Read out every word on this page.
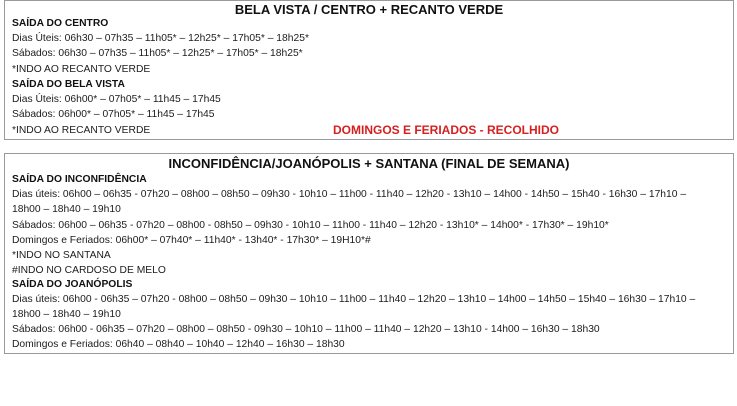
BELA VISTA / CENTRO + RECANTO VERDE
SAÍDA DO CENTRO
Dias Úteis: 06h30 – 07h35 – 11h05* – 12h25* – 17h05* – 18h25*
Sábados: 06h30 – 07h35 – 11h05* – 12h25* – 17h05* – 18h25*
*INDO AO RECANTO VERDE
SAÍDA DO BELA VISTA
Dias Úteis: 06h00* – 07h05* – 11h45 – 17h45
Sábados: 06h00* – 07h05* – 11h45 – 17h45
*INDO AO RECANTO VERDE	DOMINGOS E FERIADOS - RECOLHIDO
INCONFIDÊNCIA/JOANÓPOLIS + SANTANA (FINAL DE SEMANA)
SAÍDA DO INCONFIDÊNCIA
Dias úteis: 06h00 – 06h35 - 07h20 – 08h00 – 08h50 – 09h30 - 10h10 – 11h00 - 11h40 – 12h20 - 13h10 – 14h00 - 14h50 – 15h40 - 16h30 – 17h10 –
18h00 – 18h40 – 19h10
Sábados: 06h00 – 06h35 - 07h20 – 08h00 - 08h50 – 09h30 - 10h10 – 11h00 - 11h40 – 12h20 - 13h10* – 14h00* - 17h30* – 19h10*
Domingos e Feriados: 06h00* – 07h40* – 11h40* - 13h40* - 17h30* – 19H10*#
*INDO NO SANTANA
#INDO NO CARDOSO DE MELO
SAÍDA DO JOANÓPOLIS
Dias úteis: 06h00 - 06h35 – 07h20 - 08h00 – 08h50 – 09h30 – 10h10 – 11h00 – 11h40 – 12h20 – 13h10 – 14h00 – 14h50 – 15h40 – 16h30 – 17h10 –
18h00 – 18h40 – 19h10
Sábados: 06h00 - 06h35 – 07h20 – 08h00 – 08h50 - 09h30 – 10h10 – 11h00 – 11h40 – 12h20 – 13h10 - 14h00 – 16h30 – 18h30
Domingos e Feriados: 06h40 – 08h40 – 10h40 – 12h40 – 16h30 – 18h30
